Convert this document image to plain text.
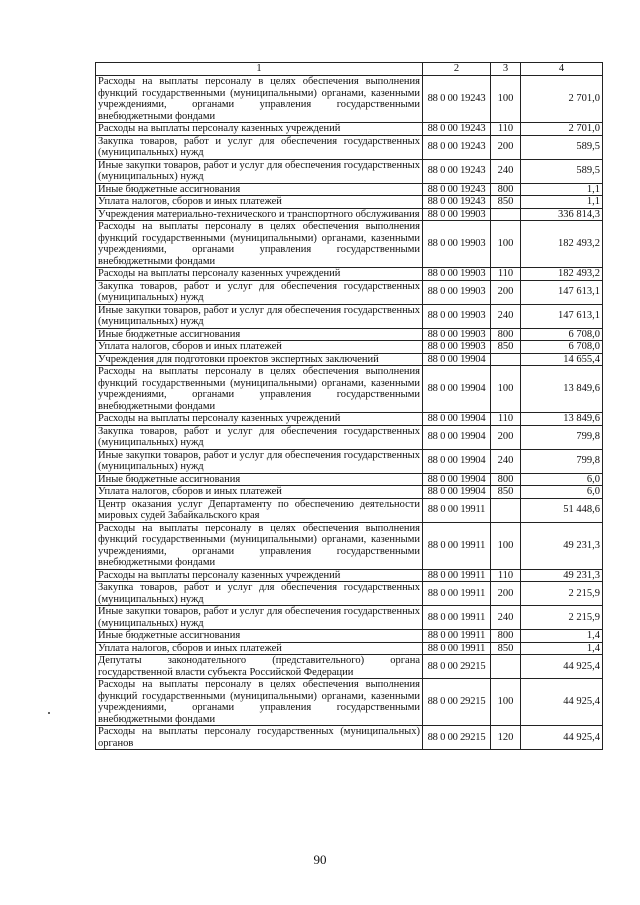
1	2	3	4
Расходы на выплаты персоналу в целях обеспечения выполнения функций государственными (муниципальными) органами, казенными учреждениями, органами управления государственными внебюджетными фондами	88 0 00 19243	100	2 701,0
Расходы на выплаты персоналу казенных учреждений	88 0 00 19243	110	2 701,0
Закупка товаров, работ и услуг для обеспечения государственных (муниципальных) нужд	88 0 00 19243	200	589,5
Иные закупки товаров, работ и услуг для обеспечения государственных (муниципальных) нужд	88 0 00 19243	240	589,5
Иные бюджетные ассигнования	88 0 00 19243	800	1,1
Уплата налогов, сборов и иных платежей	88 0 00 19243	850	1,1
Учреждения материально-технического и транспортного обслуживания	88 0 00 19903		336 814,3
Расходы на выплаты персоналу в целях обеспечения выполнения функций государственными (муниципальными) органами, казенными учреждениями, органами управления государственными внебюджетными фондами	88 0 00 19903	100	182 493,2
Расходы на выплаты персоналу казенных учреждений	88 0 00 19903	110	182 493,2
Закупка товаров, работ и услуг для обеспечения государственных (муниципальных) нужд	88 0 00 19903	200	147 613,1
Иные закупки товаров, работ и услуг для обеспечения государственных (муниципальных) нужд	88 0 00 19903	240	147 613,1
Иные бюджетные ассигнования	88 0 00 19903	800	6 708,0
Уплата налогов, сборов и иных платежей	88 0 00 19903	850	6 708,0
Учреждения для подготовки проектов экспертных заключений	88 0 00 19904		14 655,4
Расходы на выплаты персоналу в целях обеспечения выполнения функций государственными (муниципальными) органами, казенными учреждениями, органами управления государственными внебюджетными фондами	88 0 00 19904	100	13 849,6
Расходы на выплаты персоналу казенных учреждений	88 0 00 19904	110	13 849,6
Закупка товаров, работ и услуг для обеспечения государственных (муниципальных) нужд	88 0 00 19904	200	799,8
Иные закупки товаров, работ и услуг для обеспечения государственных (муниципальных) нужд	88 0 00 19904	240	799,8
Иные бюджетные ассигнования	88 0 00 19904	800	6,0
Уплата налогов, сборов и иных платежей	88 0 00 19904	850	6,0
Центр оказания услуг Департаменту по обеспечению деятельности мировых судей Забайкальского края	88 0 00 19911		51 448,6
Расходы на выплаты персоналу в целях обеспечения выполнения функций государственными (муниципальными) органами, казенными учреждениями, органами управления государственными внебюджетными фондами	88 0 00 19911	100	49 231,3
Расходы на выплаты персоналу казенных учреждений	88 0 00 19911	110	49 231,3
Закупка товаров, работ и услуг для обеспечения государственных (муниципальных) нужд	88 0 00 19911	200	2 215,9
Иные закупки товаров, работ и услуг для обеспечения государственных (муниципальных) нужд	88 0 00 19911	240	2 215,9
Иные бюджетные ассигнования	88 0 00 19911	800	1,4
Уплата налогов, сборов и иных платежей	88 0 00 19911	850	1,4
Депутаты законодательного (представительного) органа государственной власти субъекта Российской Федерации	88 0 00 29215		44 925,4
Расходы на выплаты персоналу в целях обеспечения выполнения функций государственными (муниципальными) органами, казенными учреждениями, органами управления государственными внебюджетными фондами	88 0 00 29215	100	44 925,4
Расходы на выплаты персоналу государственных (муниципальных) органов	88 0 00 29215	120	44 925,4
90
